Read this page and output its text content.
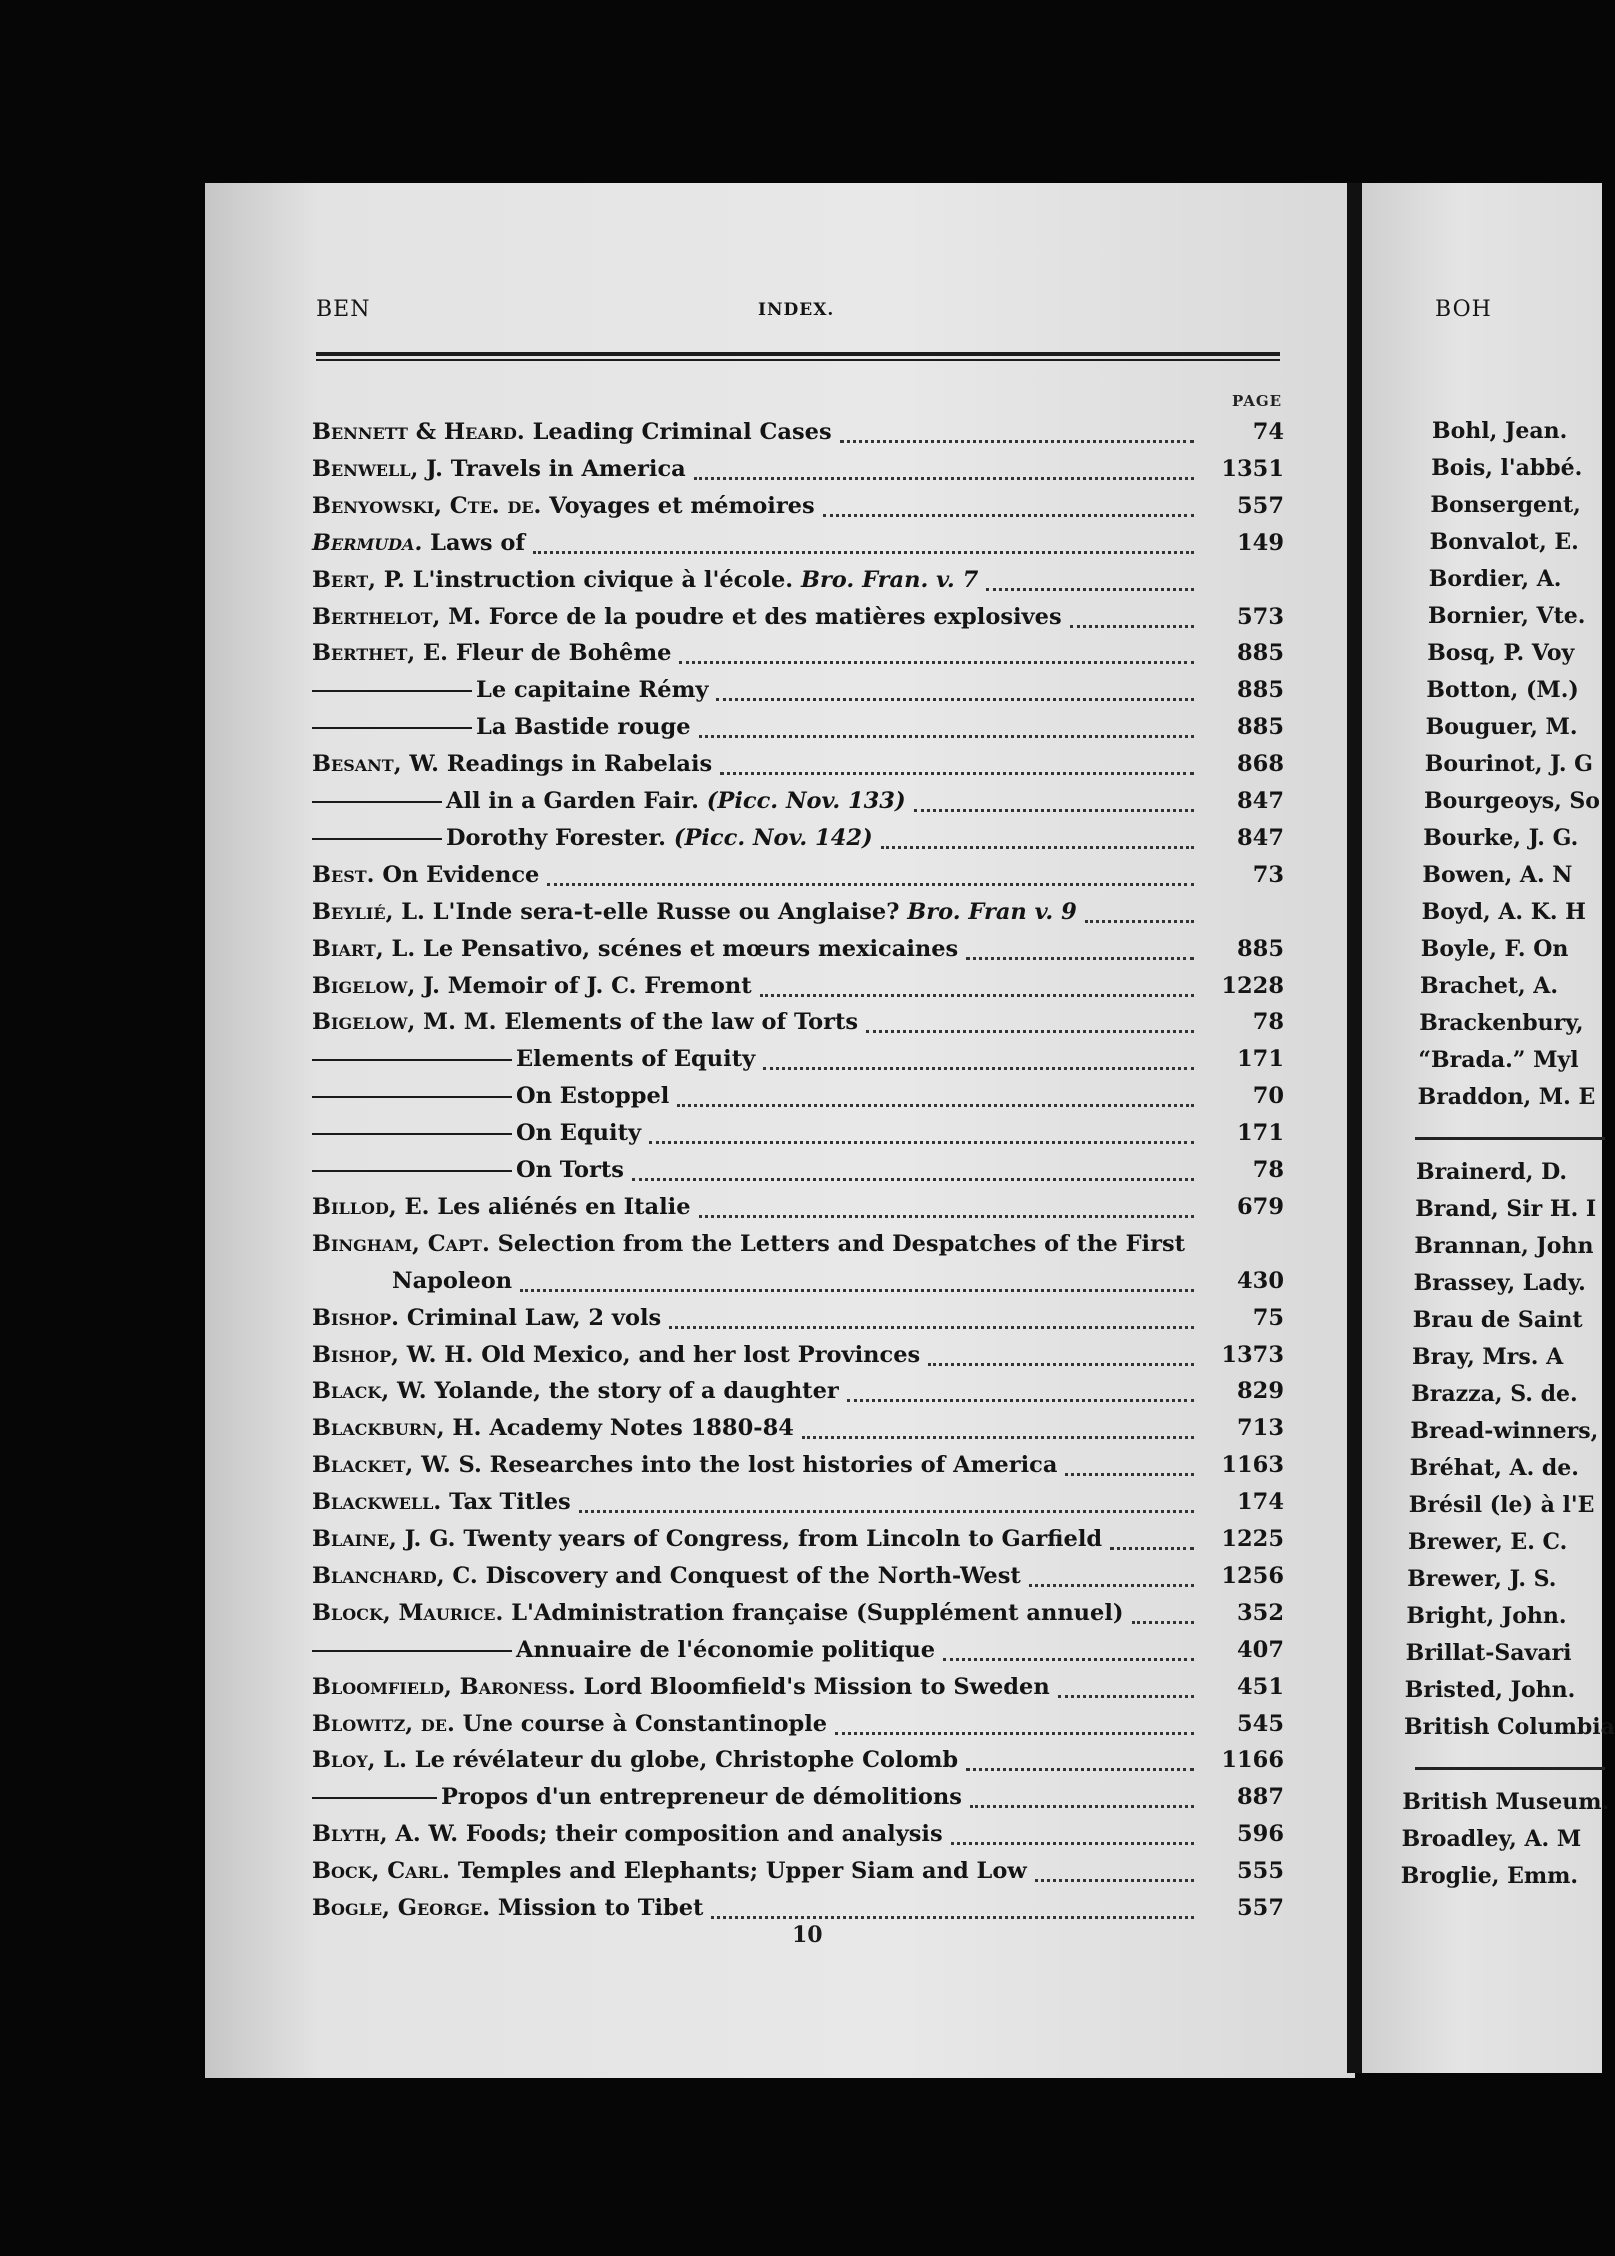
BEN	INDEX.	BOH
PAGE
Bennett & Heard. Leading Criminal Cases	74
Benwell, J. Travels in America	1351
Benyowski, Cte. de. Voyages et mémoires	557
Bermuda. Laws of	149
Bert, P. L'instruction civique à l'école. Bro. Fran. v. 7
Berthelot, M. Force de la poudre et des matières explosives	573
Berthet, E. Fleur de Bohême	885
Le capitaine Rémy	885
La Bastide rouge	885
Besant, W. Readings in Rabelais	868
All in a Garden Fair. (Picc. Nov. 133)	847
Dorothy Forester. (Picc. Nov. 142)	847
Best. On Evidence	73
Beylié, L. L'Inde sera-t-elle Russe ou Anglaise? Bro. Fran v. 9
Biart, L. Le Pensativo, scénes et mœurs mexicaines	885
Bigelow, J. Memoir of J. C. Fremont	1228
Bigelow, M. M. Elements of the law of Torts	78
Elements of Equity	171
On Estoppel	70
On Equity	171
On Torts	78
Billod, E. Les aliénés en Italie	679
Bingham, Capt. Selection from the Letters and Despatches of the First
Napoleon	430
Bishop. Criminal Law, 2 vols	75
Bishop, W. H. Old Mexico, and her lost Provinces	1373
Black, W. Yolande, the story of a daughter	829
Blackburn, H. Academy Notes 1880-84	713
Blacket, W. S. Researches into the lost histories of America	1163
Blackwell. Tax Titles	174
Blaine, J. G. Twenty years of Congress, from Lincoln to Garfield	1225
Blanchard, C. Discovery and Conquest of the North-West	1256
Block, Maurice. L'Administration française (Supplément annuel)	352
Annuaire de l'économie politique	407
Bloomfield, Baroness. Lord Bloomfield's Mission to Sweden	451
Blowitz, de. Une course à Constantinople	545
Bloy, L. Le révélateur du globe, Christophe Colomb	1166
Propos d'un entrepreneur de démolitions	887
Blyth, A. W. Foods; their composition and analysis	596
Bock, Carl. Temples and Elephants; Upper Siam and Low	555
Bogle, George. Mission to Tibet	557
10
Bohl, Jean.
Bois, l'abbé.
Bonsergent,
Bonvalot, E.
Bordier, A.
Bornier, Vte.
Bosq, P. Voy
Botton, (M.)
Bouguer, M.
Bourinot, J. G
Bourgeoys, So
Bourke, J. G.
Bowen, A. N
Boyd, A. K. H
Boyle, F. On
Brachet, A.
Brackenbury,
“Brada.” Myl
Braddon, M. E
Brainerd, D.
Brand, Sir H. I
Brannan, John
Brassey, Lady.
Brau de Saint
Bray, Mrs. A
Brazza, S. de.
Bread-winners,
Bréhat, A. de.
Brésil (le) à l'E
Brewer, E. C.
Brewer, J. S.
Bright, John.
Brillat-Savari
Bristed, John.
British Columbia
British Museum.
Broadley, A. M
Broglie, Emm.
